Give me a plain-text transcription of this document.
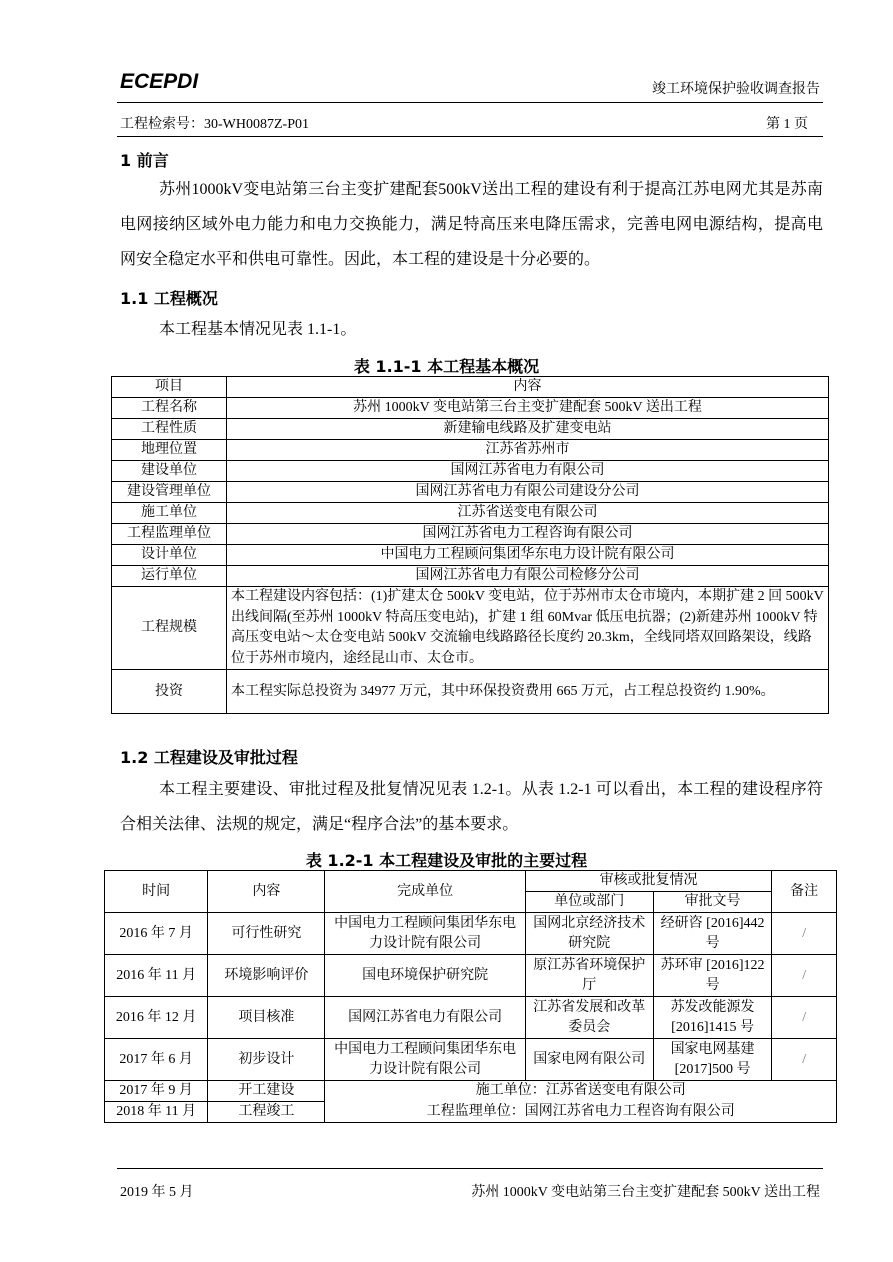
ECEPDI	竣工环境保护验收调查报告
工程检索号：30-WH0087Z-P01	第 1 页
1 前言
苏州1000kV变电站第三台主变扩建配套500kV送出工程的建设有利于提高江苏电网尤其是苏南电网接纳区域外电力能力和电力交换能力，满足特高压来电降压需求，完善电网电源结构，提高电网安全稳定水平和供电可靠性。因此，本工程的建设是十分必要的。
1.1 工程概况
本工程基本情况见表 1.1-1。
表 1.1-1 本工程基本概况
项目	内容
工程名称	苏州 1000kV 变电站第三台主变扩建配套 500kV 送出工程
工程性质	新建输电线路及扩建变电站
地理位置	江苏省苏州市
建设单位	国网江苏省电力有限公司
建设管理单位	国网江苏省电力有限公司建设分公司
施工单位	江苏省送变电有限公司
工程监理单位	国网江苏省电力工程咨询有限公司
设计单位	中国电力工程顾问集团华东电力设计院有限公司
运行单位	国网江苏省电力有限公司检修分公司
工程规模	本工程建设内容包括：(1)扩建太仓 500kV 变电站，位于苏州市太仓市境内，本期扩建 2 回 500kV 出线间隔(至苏州 1000kV 特高压变电站)，扩建 1 组 60Mvar 低压电抗器；(2)新建苏州 1000kV 特高压变电站～太仓变电站 500kV 交流输电线路路径长度约 20.3km，全线同塔双回路架设，线路位于苏州市境内，途经昆山市、太仓市。
投资	本工程实际总投资为 34977 万元，其中环保投资费用 665 万元，占工程总投资约 1.90%。
1.2 工程建设及审批过程
本工程主要建设、审批过程及批复情况见表 1.2-1。从表 1.2-1 可以看出，本工程的建设程序符合相关法律、法规的规定，满足“程序合法”的基本要求。
表 1.2-1 本工程建设及审批的主要过程
时间	内容	完成单位	审核或批复情况		备注
			单位或部门	审批文号	
2016 年 7 月	可行性研究	中国电力工程顾问集团华东电力设计院有限公司	国网北京经济技术研究院	经研咨 [2016]442 号	/
2016 年 11 月	环境影响评价	国电环境保护研究院	原江苏省环境保护厅	苏环审 [2016]122 号	/
2016 年 12 月	项目核准	国网江苏省电力有限公司	江苏省发展和改革委员会	苏发改能源发 [2016]1415 号	/
2017 年 6 月	初步设计	中国电力工程顾问集团华东电力设计院有限公司	国家电网有限公司	国家电网基建 [2017]500 号	/
2017 年 9 月	开工建设	施工单位：江苏省送变电有限公司			
2018 年 11 月	工程竣工	工程监理单位：国网江苏省电力工程咨询有限公司			
2019 年 5 月	苏州 1000kV 变电站第三台主变扩建配套 500kV 送出工程
